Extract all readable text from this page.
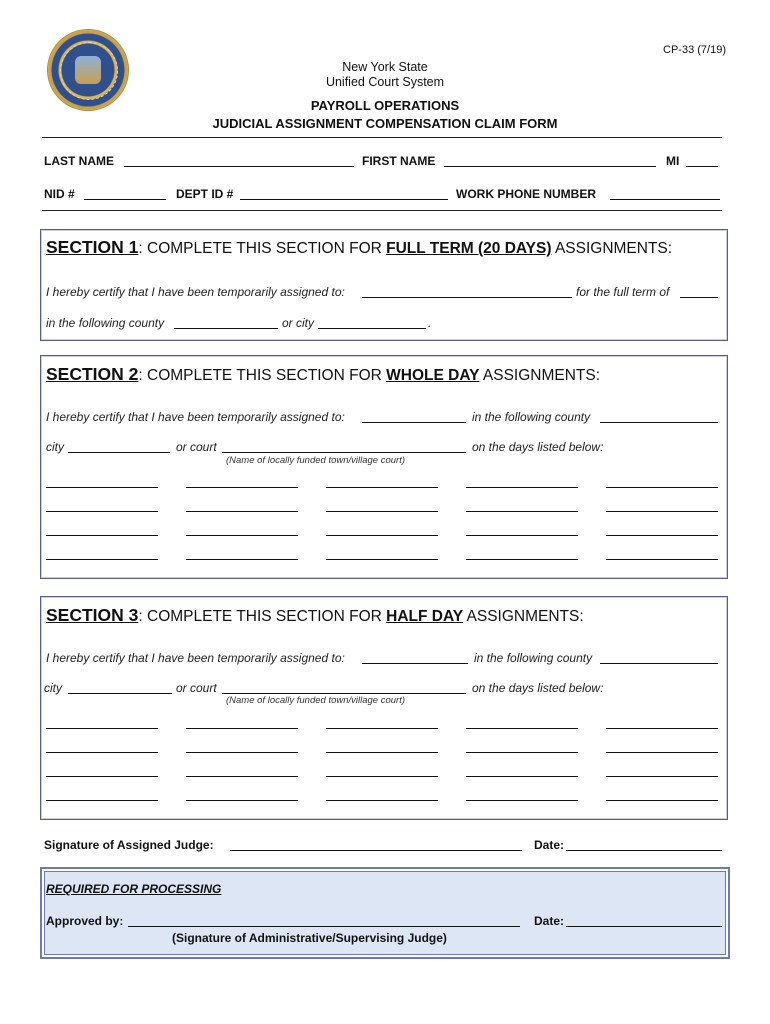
CP-33 (7/19)
New York State
Unified Court System
PAYROLL OPERATIONS
JUDICIAL ASSIGNMENT COMPENSATION CLAIM FORM
LAST NAME	FIRST NAME	MI
NID #	DEPT ID #	WORK PHONE NUMBER
SECTION 1: COMPLETE THIS SECTION FOR FULL TERM (20 DAYS) ASSIGNMENTS:
I hereby certify that I have been temporarily assigned to:	for the full term of
in the following county	or city	.
SECTION 2: COMPLETE THIS SECTION FOR WHOLE DAY ASSIGNMENTS:
I hereby certify that I have been temporarily assigned to:	in the following county
city	or court	on the days listed below:
(Name of locally funded town/village court)
SECTION 3: COMPLETE THIS SECTION FOR HALF DAY ASSIGNMENTS:
I hereby certify that I have been temporarily assigned to:	in the following county
city	or court	on the days listed below:
(Name of locally funded town/village court)
Signature of Assigned Judge:	Date:
REQUIRED FOR PROCESSING
Approved by:	Date:
(Signature of Administrative/Supervising Judge)
